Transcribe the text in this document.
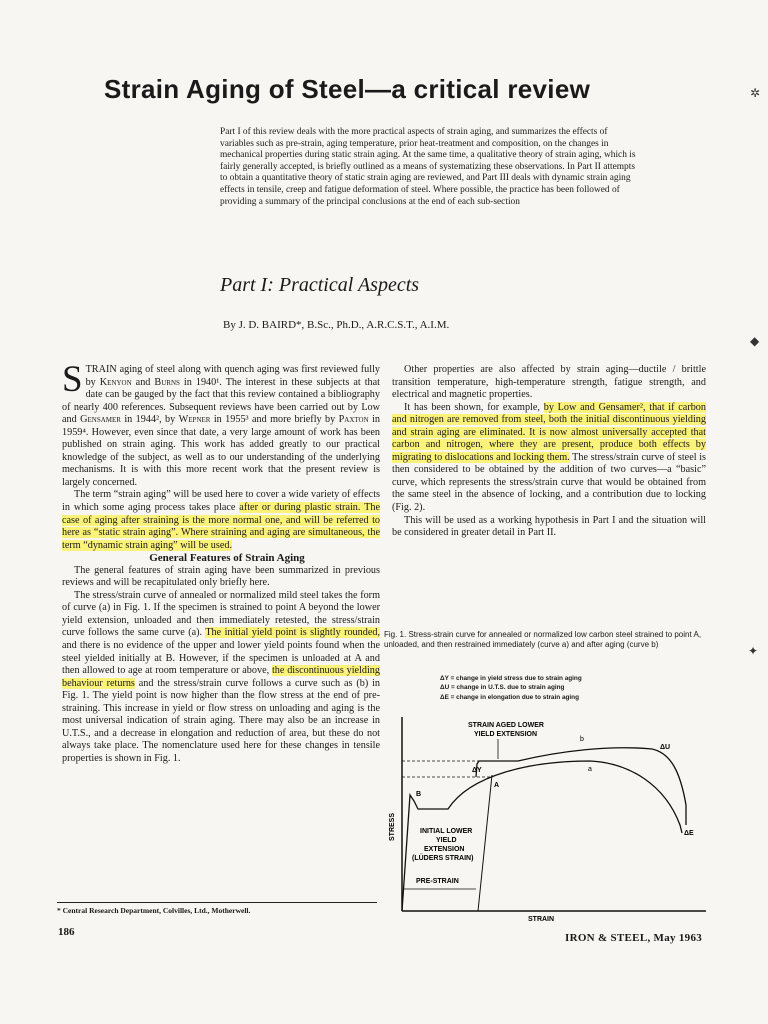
Strain Aging of Steel—a critical review	✲
◆
✦
Part I of this review deals with the more practical aspects of strain aging, and summarizes the effects of variables such as pre-strain, aging temperature, prior heat-treatment and composition, on the changes in mechanical properties during static strain aging. At the same time, a qualitative theory of strain aging, which is fairly generally accepted, is briefly outlined as a means of systematizing these observations. In Part II attempts to obtain a quantitative theory of static strain aging are reviewed, and Part III deals with dynamic strain aging effects in tensile, creep and fatigue deformation of steel. Where possible, the practice has been followed of providing a summary of the principal conclusions at the end of each sub-section
Part I: Practical Aspects
By J. D. BAIRD*, B.Sc., Ph.D., A.R.C.S.T., A.I.M.

STRAIN aging of steel along with quench aging was first reviewed fully by Kenyon and Burns in 1940¹. The interest in these subjects at that date can be gauged by the fact that this review contained a bibliography of nearly 400 references. Subsequent reviews have been carried out by Low and Gensamer in 1944², by Wepner in 1955³ and more briefly by Paxton in 1959⁴. However, even since that date, a very large amount of work has been published on strain aging. This work has added greatly to our practical knowledge of the subject, as well as to our understanding of the underlying mechanisms. It is with this more recent work that the present review is largely concerned.

The term “strain aging” will be used here to cover a wide variety of effects in which some aging process takes place after or during plastic strain. The case of aging after straining is the more normal one, and will be referred to here as “static strain aging”. Where straining and aging are simultaneous, the term “dynamic strain aging” will be used.

General Features of Strain Aging

The general features of strain aging have been summarized in previous reviews and will be recapitulated only briefly here.

The stress/strain curve of annealed or normalized mild steel takes the form of curve (a) in Fig. 1. If the specimen is strained to point A beyond the lower yield extension, unloaded and then immediately retested, the stress/strain curve follows the same curve (a). The initial yield point is slightly rounded, and there is no evidence of the upper and lower yield points found when the steel yielded initially at B. However, if the specimen is unloaded at A and then allowed to age at room temperature or above, the discontinuous yielding behaviour returns and the stress/strain curve follows a curve such as (b) in Fig. 1. The yield point is now higher than the flow stress at the end of pre-straining. This increase in yield or flow stress on unloading and aging is the most universal indication of strain aging. There may also be an increase in U.T.S., and a decrease in elongation and reduction of area, but these do not always take place. The nomenclature used here for these changes in tensile properties is shown in Fig. 1.

Other properties are also affected by strain aging—ductile / brittle transition temperature, high-temperature strength, fatigue strength, and electrical and magnetic properties.

It has been shown, for example, by Low and Gensamer², that if carbon and nitrogen are removed from steel, both the initial discontinuous yielding and strain aging are eliminated. It is now almost universally accepted that carbon and nitrogen, where they are present, produce both effects by migrating to dislocations and locking them. The stress/strain curve of steel is then considered to be obtained by the addition of two curves—a “basic” curve, which represents the stress/strain curve that would be obtained from the same steel in the absence of locking, and a contribution due to locking (Fig. 2).

This will be used as a working hypothesis in Part I and the situation will be considered in greater detail in Part II.

Fig. 1. Stress-strain curve for annealed or normalized low carbon steel strained to point A, unloaded, and then restrained immediately (curve a) and after aging (curve b)
ΔY = change in yield stress due to strain aging
ΔU = change in U.T.S. due to strain aging
ΔE = change in elongation due to strain aging
STRAIN
STRESS
B
A
a
b
ΔY
ΔU
ΔE
STRAIN AGED LOWER
YIELD EXTENSION
INITIAL LOWER
YIELD
EXTENSION
(LÜDERS STRAIN)
PRE-STRAIN
* Central Research Department, Colvilles, Ltd., Motherwell.
186	IRON & STEEL, May 1963
